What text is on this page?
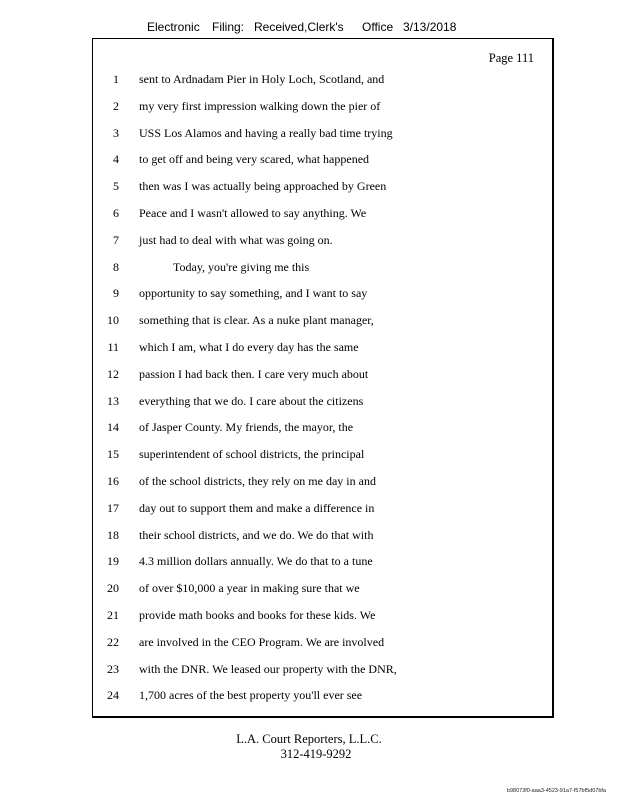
Electronic Filing: Received,Clerk's Office 3/13/2018
Page 111
1 sent to Ardnadam Pier in Holy Loch, Scotland, and
2 my very first impression walking down the pier of
3 USS Los Alamos and having a really bad time trying
4 to get off and being very scared, what happened
5 then was I was actually being approached by Green
6 Peace and I wasn't allowed to say anything. We
7 just had to deal with what was going on.
8	Today, you're giving me this
9 opportunity to say something, and I want to say
10 something that is clear. As a nuke plant manager,
11 which I am, what I do every day has the same
12 passion I had back then. I care very much about
13 everything that we do. I care about the citizens
14 of Jasper County. My friends, the mayor, the
15 superintendent of school districts, the principal
16 of the school districts, they rely on me day in and
17 day out to support them and make a difference in
18 their school districts, and we do. We do that with
19 4.3 million dollars annually. We do that to a tune
20 of over $10,000 a year in making sure that we
21 provide math books and books for these kids. We
22 are involved in the CEO Program. We are involved
23 with the DNR. We leased our property with the DNR,
24 1,700 acres of the best property you'll ever see
L.A. Court Reporters, L.L.C.
312-419-9292
b98073f0-aaa3-4523-91a7-f57bf5d07bfa
